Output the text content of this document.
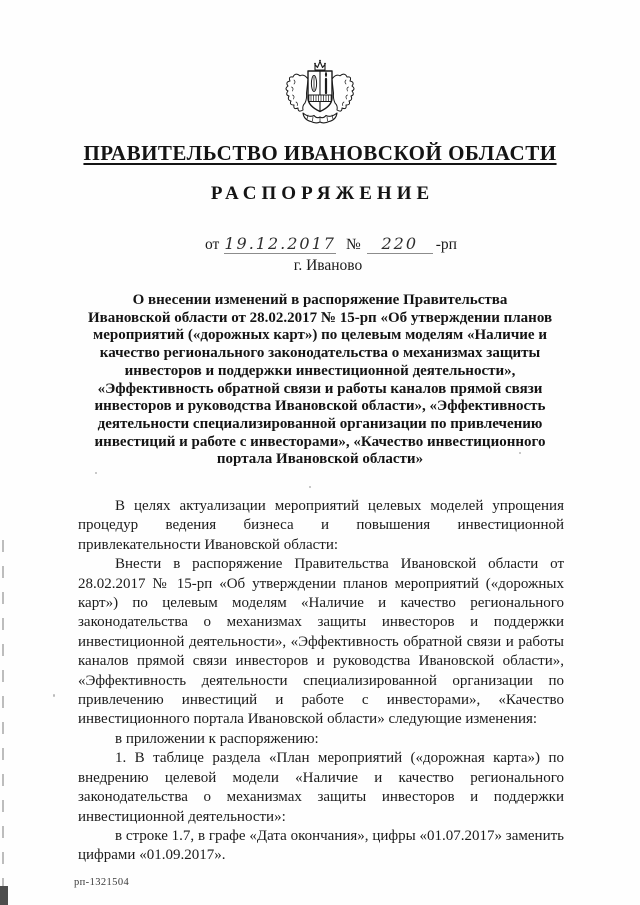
ПРАВИТЕЛЬСТВО ИВАНОВСКОЙ ОБЛАСТИ
РАСПОРЯЖЕНИЕ
от 19.12.2017 №	220	-рп
г. Иваново
О внесении изменений в распоряжение Правительства
Ивановской области от 28.02.2017 № 15-рп «Об утверждении планов
мероприятий («дорожных карт») по целевым моделям «Наличие и
качество регионального законодательства о механизмах защиты
инвесторов и поддержки инвестиционной деятельности»,
«Эффективность обратной связи и работы каналов прямой связи
инвесторов и руководства Ивановской области», «Эффективность
деятельности специализированной организации по привлечению
инвестиций и работе с инвесторами», «Качество инвестиционного
портала Ивановской области»

В целях актуализации мероприятий целевых моделей упрощения процедур ведения бизнеса и повышения инвестиционной привлекательности Ивановской области:

Внести в распоряжение Правительства Ивановской области от 28.02.2017 № 15-рп «Об утверждении планов мероприятий («дорожных карт») по целевым моделям «Наличие и качество регионального законодательства о механизмах защиты инвесторов и поддержки инвестиционной деятельности», «Эффективность обратной связи и работы каналов прямой связи инвесторов и руководства Ивановской области», «Эффективность деятельности специализированной организации по привлечению инвестиций и работе с инвесторами», «Качество инвестиционного портала Ивановской области» следующие изменения:

в приложении к распоряжению:

1. В таблице раздела «План мероприятий («дорожная карта») по внедрению целевой модели «Наличие и качество регионального законодательства о механизмах защиты инвесторов и поддержки инвестиционной деятельности»:

в строке 1.7, в графе «Дата окончания», цифры «01.07.2017» заменить цифрами «01.09.2017».

рп-1321504
